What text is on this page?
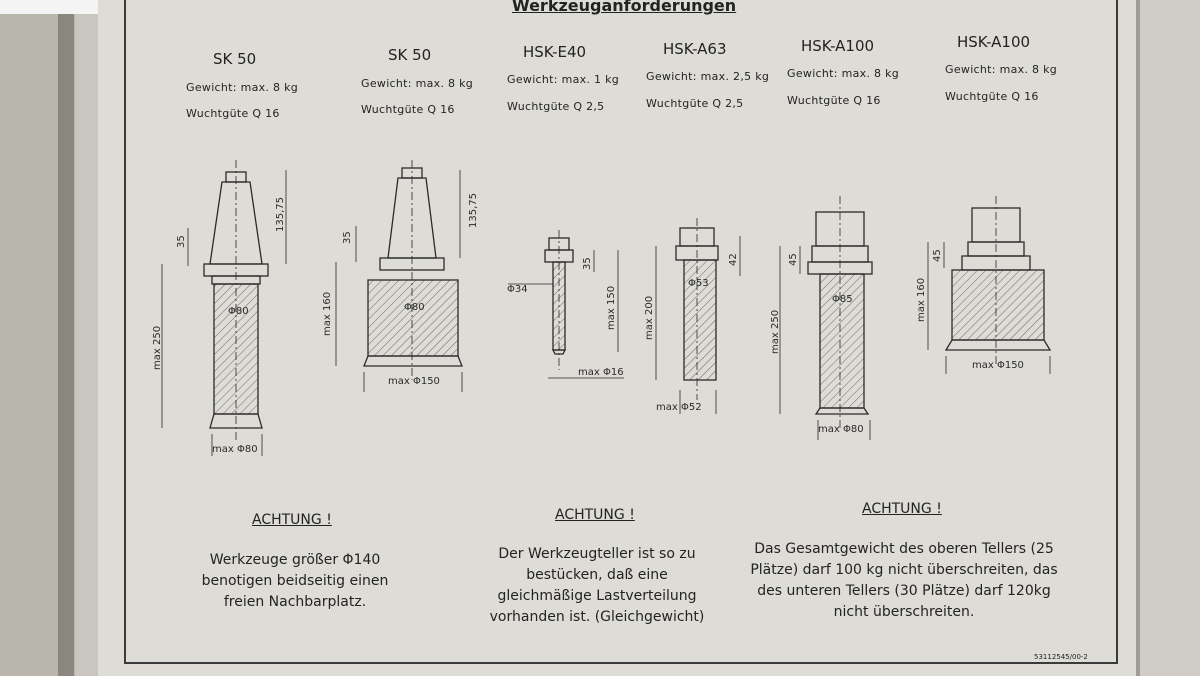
Werkzeuganforderungen
SK 50
Gewicht: max. 8 kg
Wuchtgüte Q 16
SK 50
Gewicht: max. 8 kg
Wuchtgüte Q 16
HSK-E40
Gewicht: max. 1 kg
Wuchtgüte Q 2,5
HSK-A63
Gewicht: max. 2,5 kg
Wuchtgüte Q 2,5
HSK-A100
Gewicht: max. 8 kg
Wuchtgüte Q 16
HSK-A100
Gewicht: max. 8 kg
Wuchtgüte Q 16
135,75
35
max 250
Φ80
max Φ80
135,75
35
max 160	Φ80
max Φ150
Φ34
35
max 150
max Φ16
42
max 200
Φ53
max Φ52
45
max 250
Φ85
max Φ80
45
max 160
max Φ150
ACHTUNG !
Werkzeuge größer Φ140 benotigen beidseitig einen freien Nachbarplatz.
ACHTUNG !
Der Werkzeugteller ist so zu bestücken, daß eine gleichmäßige Lastverteilung vorhanden ist. (Gleichgewicht)
ACHTUNG !
Das Gesamtgewicht des oberen Tellers (25 Plätze) darf 100 kg nicht überschreiten, das des unteren Tellers (30 Plätze) darf 120kg nicht überschreiten.
53112545/00-2
